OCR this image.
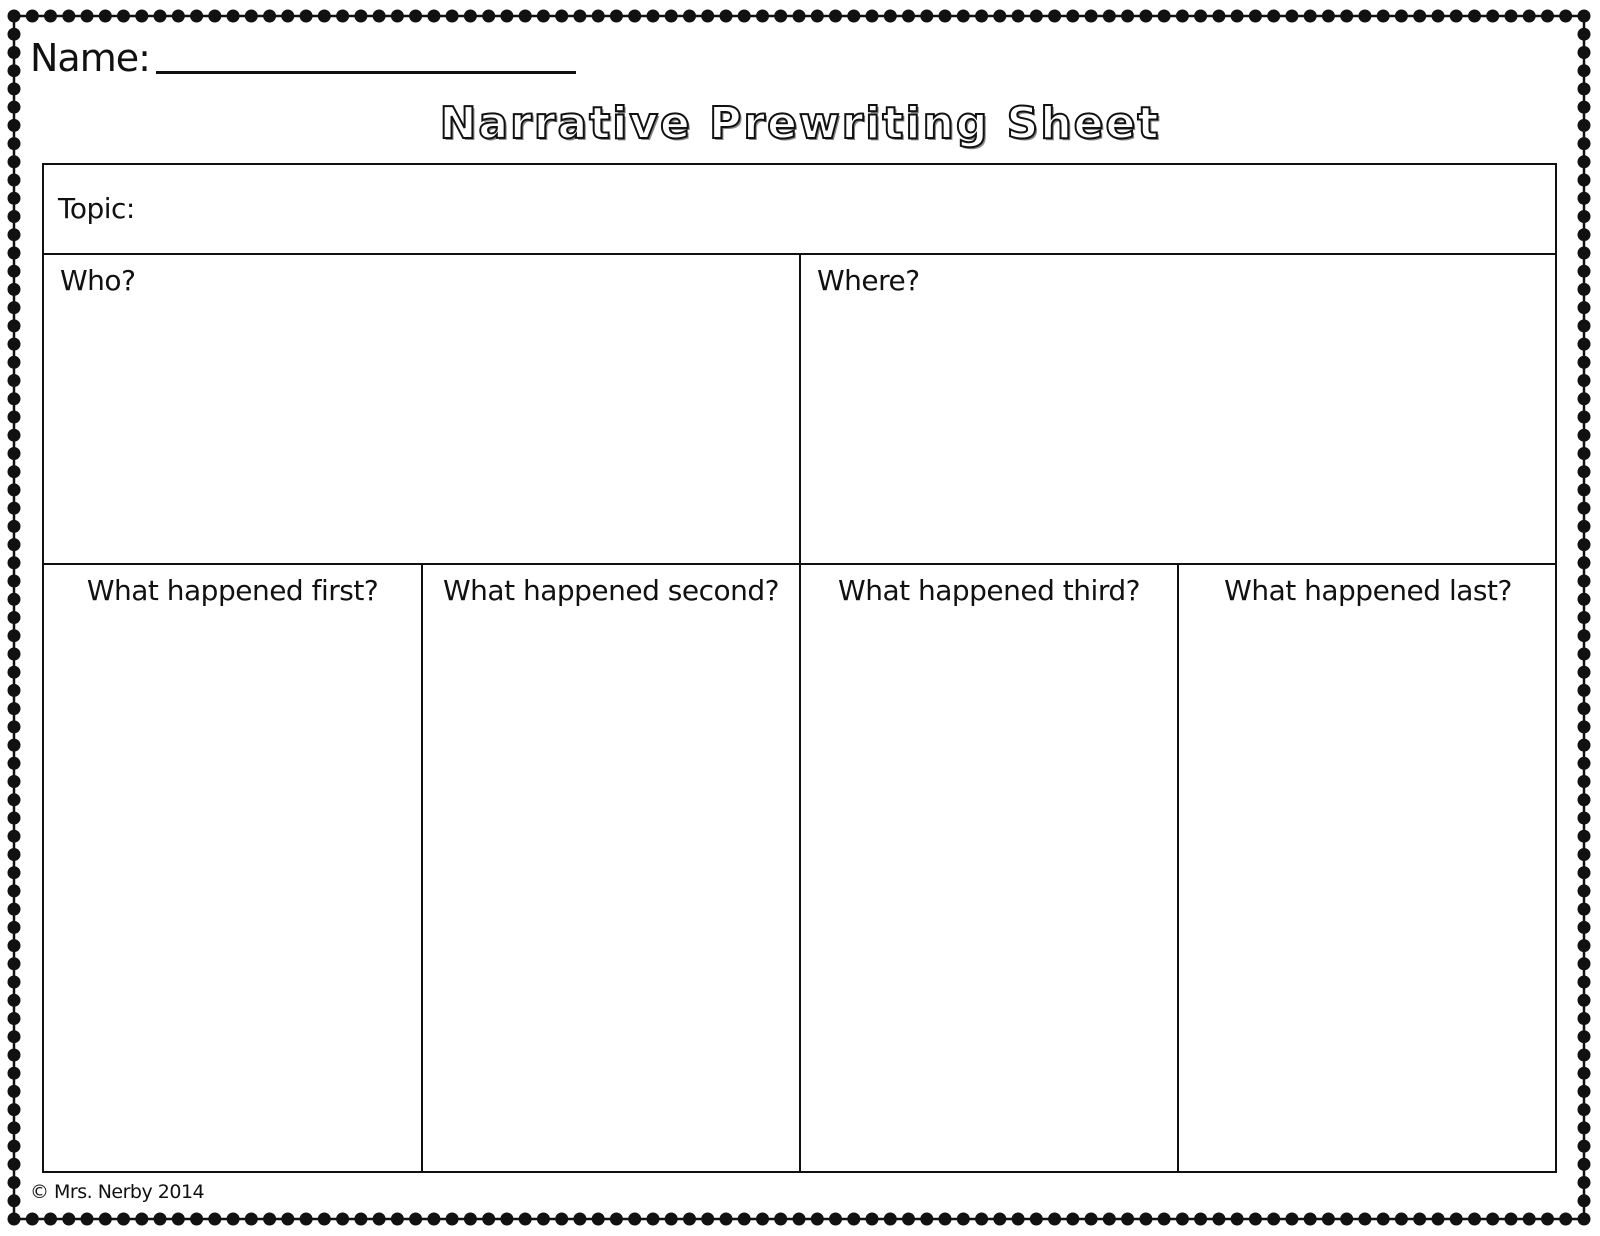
Name:
Narrative Prewriting Sheet
Topic:
Who?	Where?
What happened first?	What happened second?	What happened third?	What happened last?
© Mrs. Nerby 2014
